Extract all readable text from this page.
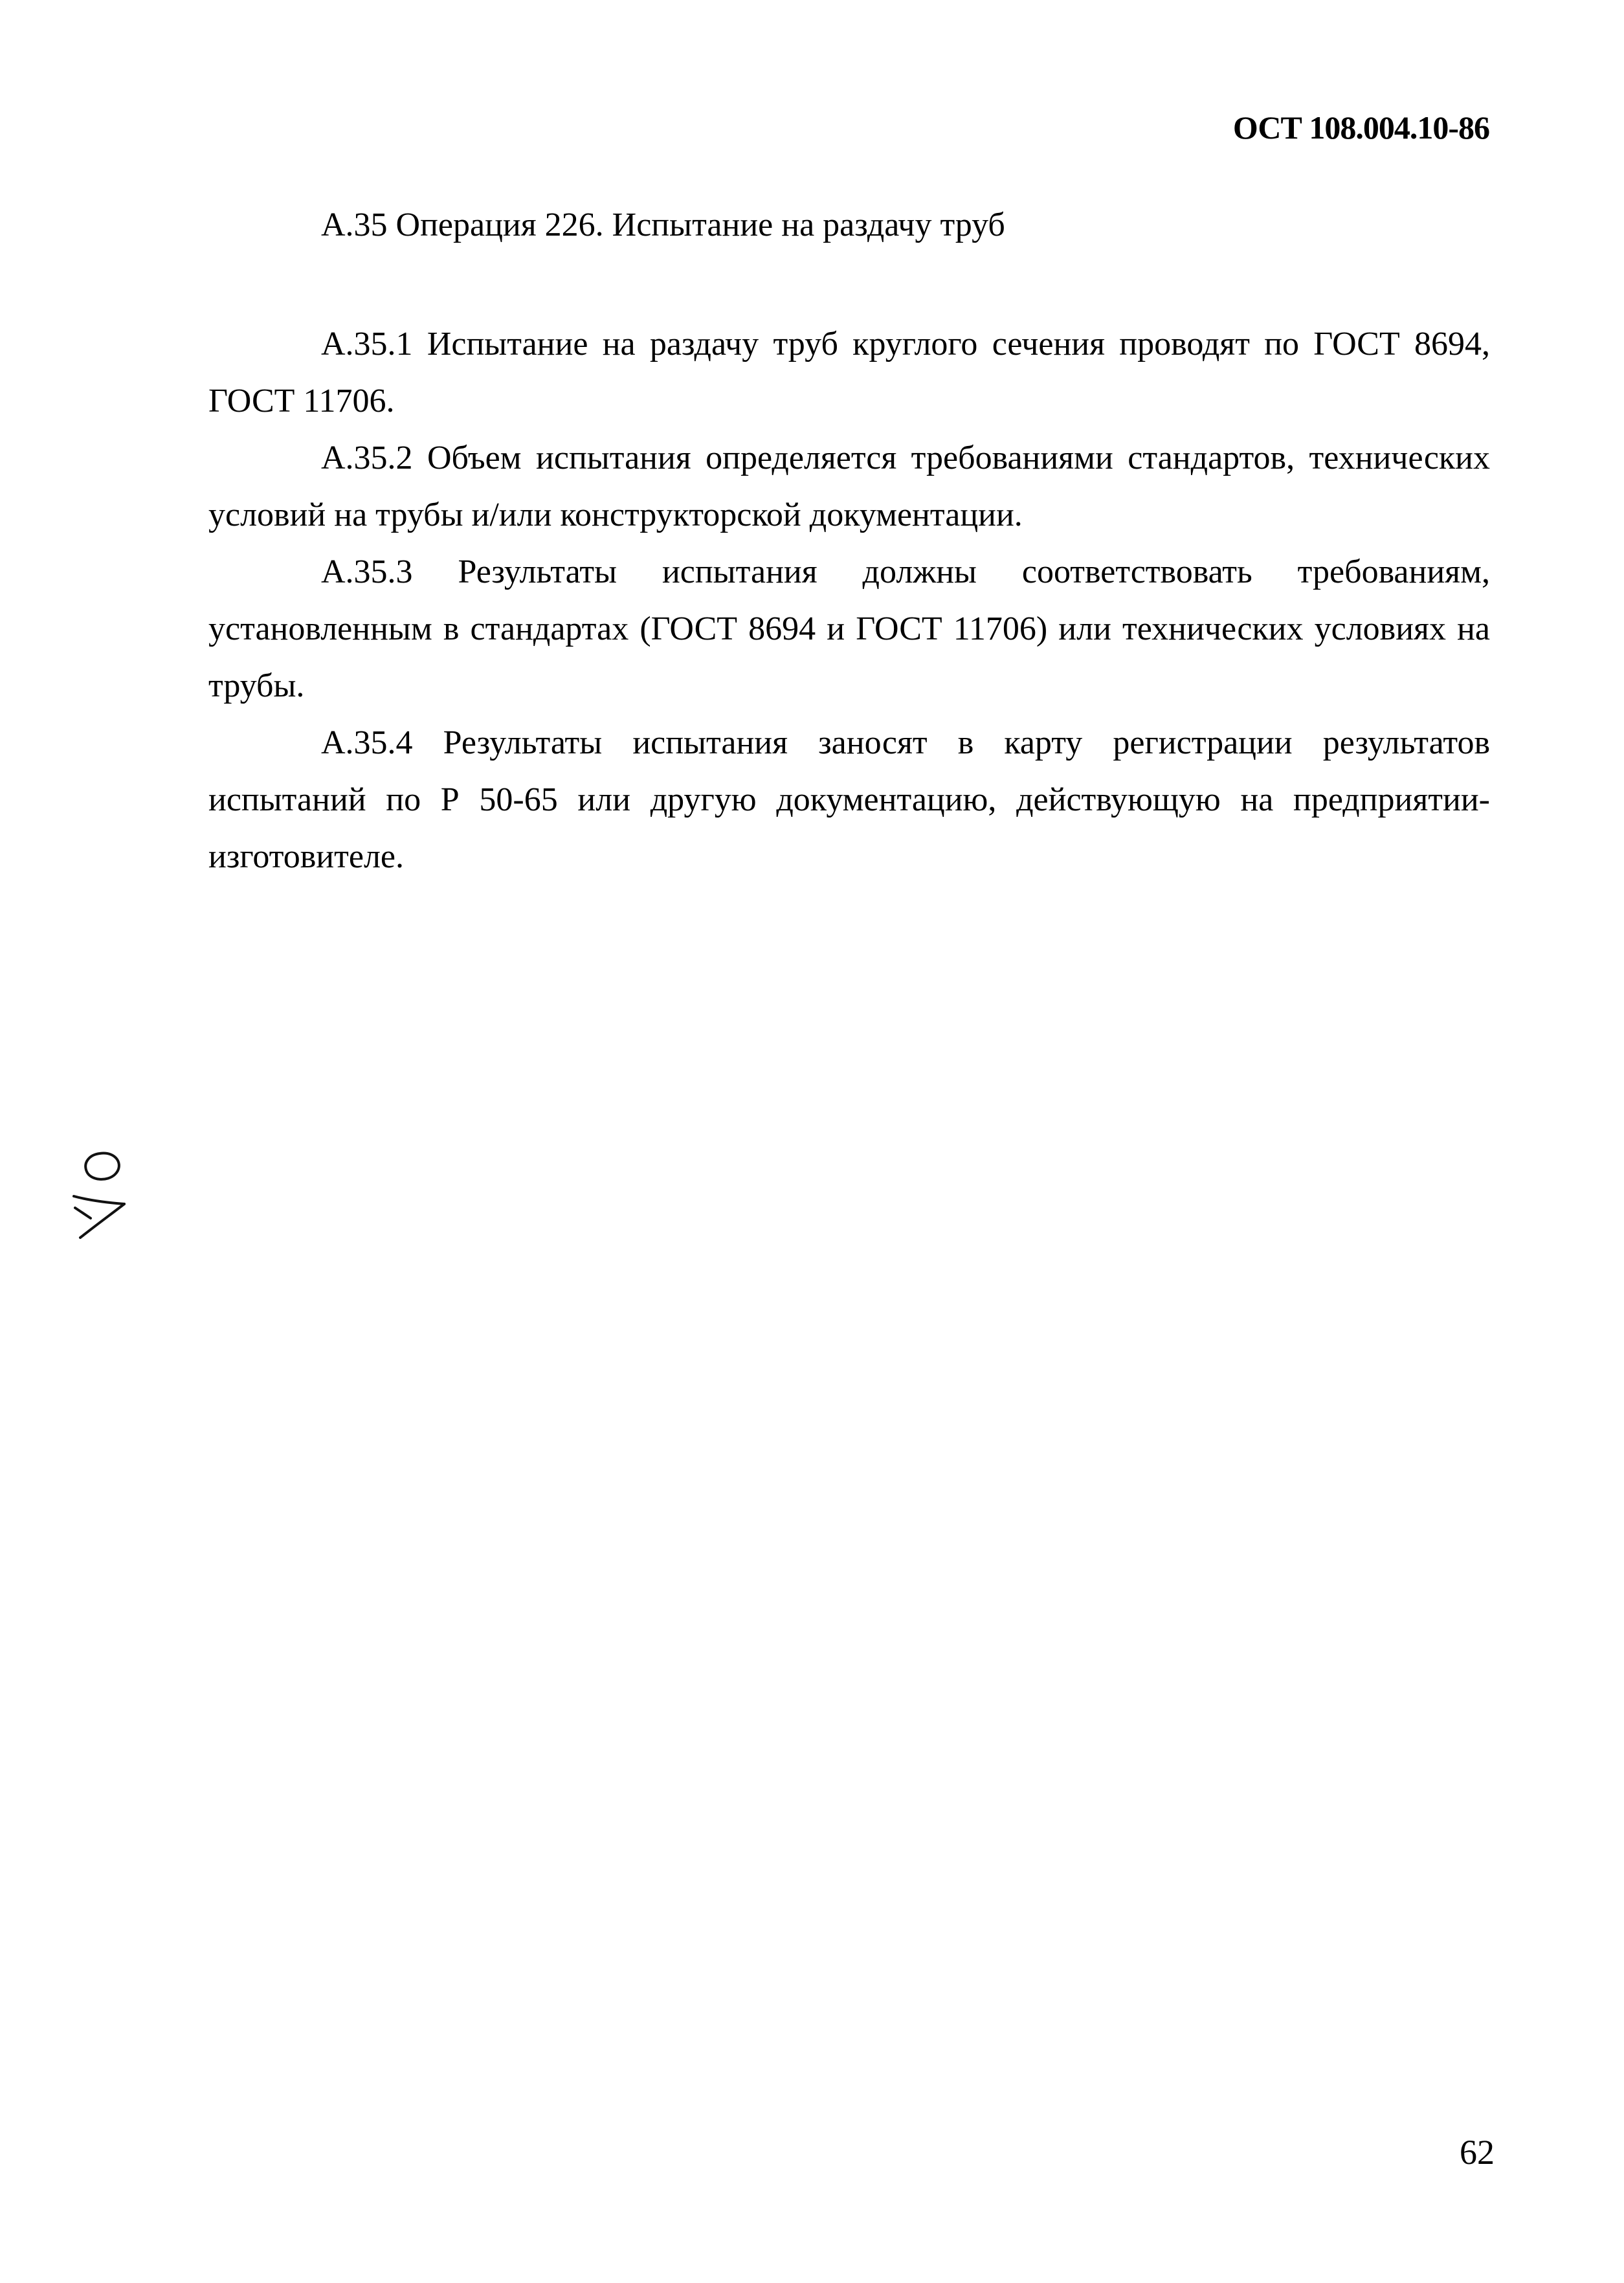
ОСТ 108.004.10-86
А.35 Операция 226. Испытание на раздачу труб

А.35.1 Испытание на раздачу труб круглого сечения проводят по ГОСТ 8694, ГОСТ 11706.

А.35.2 Объем испытания определяется требованиями стандартов, технических условий на трубы и/или конструкторской документации.

А.35.3 Результаты испытания должны соответствовать требованиям, установленным в стандартах (ГОСТ 8694 и ГОСТ 11706) или технических условиях на трубы.

А.35.4 Результаты испытания заносят в карту регистрации результатов испытаний по Р 50-65 или другую документацию, действующую на предприятии-изготовителе.

62
